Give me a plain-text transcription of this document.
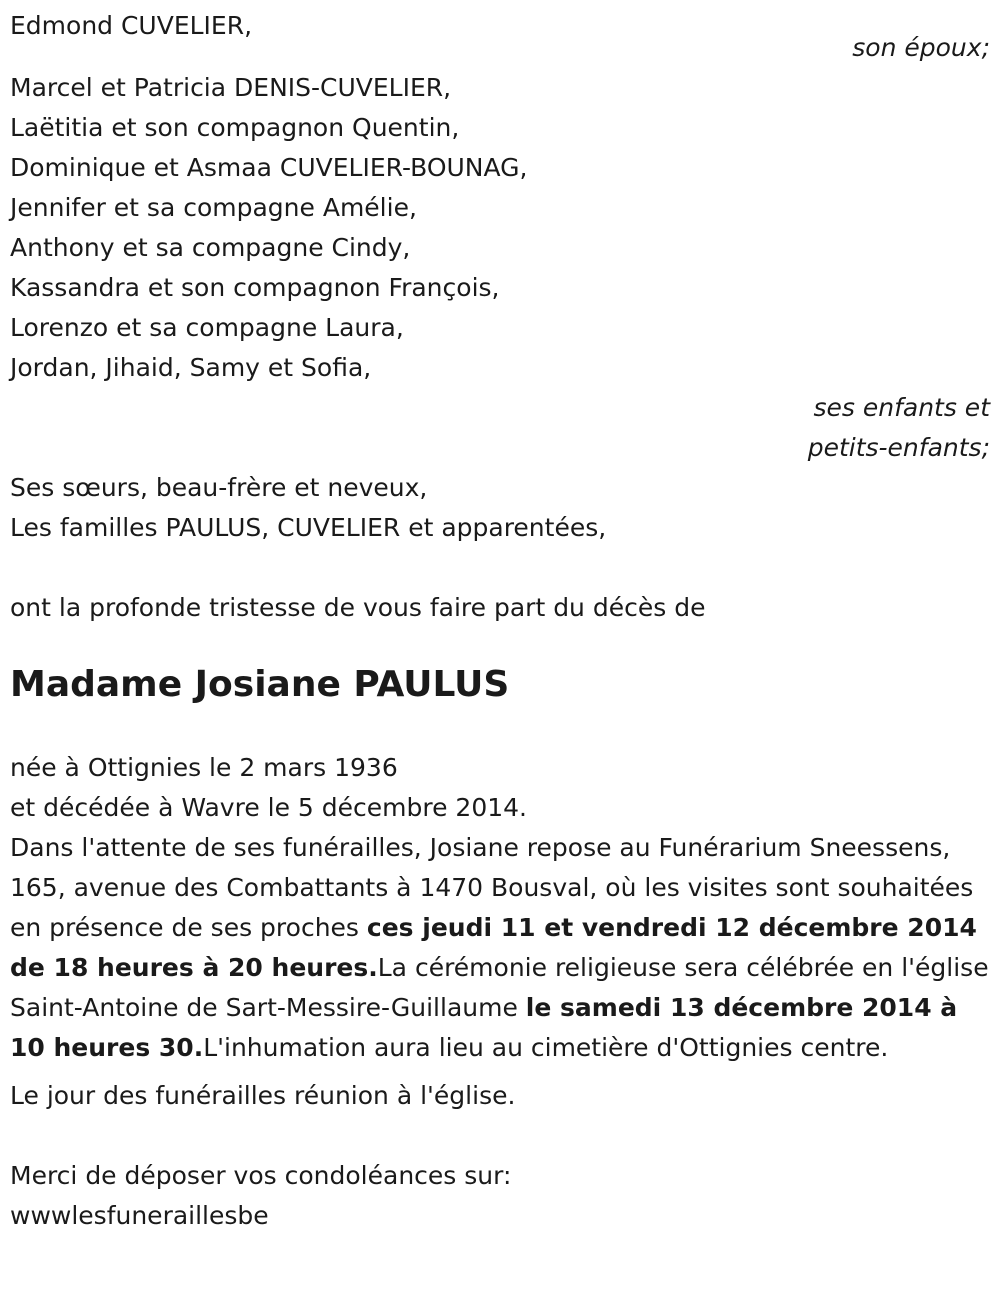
Edmond CUVELIER,
son époux;
Marcel et Patricia DENIS-CUVELIER,
Laëtitia et son compagnon Quentin,
Dominique et Asmaa CUVELIER-BOUNAG,
Jennifer et sa compagne Amélie,
Anthony et sa compagne Cindy,
Kassandra et son compagnon François,
Lorenzo et sa compagne Laura,
Jordan, Jihaid, Samy et Sofia,
ses enfants et
petits-enfants;
Ses sœurs, beau-frère et neveux,
Les familles PAULUS, CUVELIER et apparentées,
ont la profonde tristesse de vous faire part du décès de
Madame Josiane PAULUS
née à Ottignies le 2 mars 1936
et décédée à Wavre le 5 décembre 2014.
Dans l'attente de ses funérailles, Josiane repose au Funérarium Sneessens, 165, avenue des Combattants à 1470 Bousval, où les visites sont souhaitées en présence de ses proches ces jeudi 11 et vendredi 12 décembre 2014 de 18 heures à 20 heures.La cérémonie religieuse sera célébrée en l'église Saint-Antoine de Sart-Messire-Guillaume le samedi 13 décembre 2014 à 10 heures 30.L'inhumation aura lieu au cimetière d'Ottignies centre.
Le jour des funérailles réunion à l'église.
Merci de déposer vos condoléances sur:
wwwlesfuneraillesbe
